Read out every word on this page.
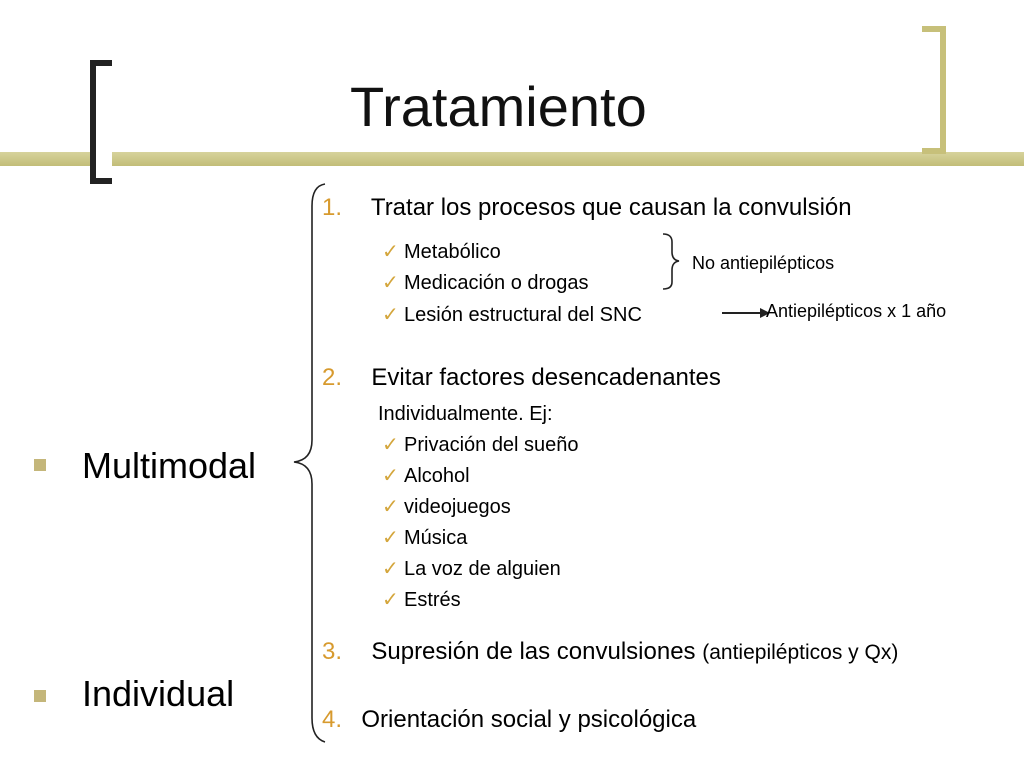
Tratamiento
Multimodal
Individual
1. Tratar los procesos que causan la convulsión
✓ Metabólico
✓ Medicación o drogas
✓ Lesión estructural del SNC
No antiepilépticos
Antiepilépticos x 1 año
2. Evitar factores desencadenantes
Individualmente. Ej:
✓ Privación del sueño
✓ Alcohol
✓ videojuegos
✓ Música
✓ La voz de alguien
✓ Estrés
3. Supresión de las convulsiones (antiepilépticos y Qx)
4. Orientación social y psicológica
